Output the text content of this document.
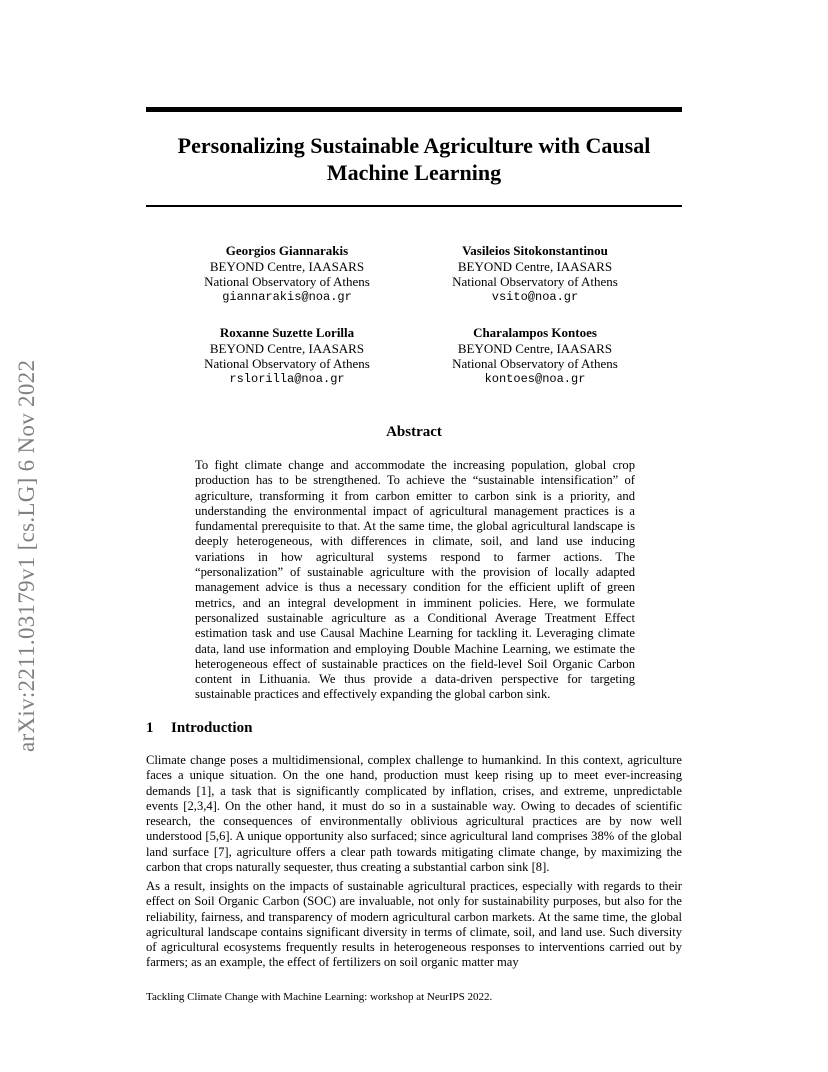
arXiv:2211.03179v1 [cs.LG] 6 Nov 2022
Personalizing Sustainable Agriculture with Causal Machine Learning
Georgios Giannarakis
BEYOND Centre, IAASARS
National Observatory of Athens
giannarakis@noa.gr
Vasileios Sitokonstantinou
BEYOND Centre, IAASARS
National Observatory of Athens
vsito@noa.gr
Roxanne Suzette Lorilla
BEYOND Centre, IAASARS
National Observatory of Athens
rslorilla@noa.gr
Charalampos Kontoes
BEYOND Centre, IAASARS
National Observatory of Athens
kontoes@noa.gr
Abstract
To fight climate change and accommodate the increasing population, global crop production has to be strengthened. To achieve the “sustainable intensification” of agriculture, transforming it from carbon emitter to carbon sink is a priority, and understanding the environmental impact of agricultural management practices is a fundamental prerequisite to that. At the same time, the global agricultural landscape is deeply heterogeneous, with differences in climate, soil, and land use inducing variations in how agricultural systems respond to farmer actions. The “personalization” of sustainable agriculture with the provision of locally adapted management advice is thus a necessary condition for the efficient uplift of green metrics, and an integral development in imminent policies. Here, we formulate personalized sustainable agriculture as a Conditional Average Treatment Effect estimation task and use Causal Machine Learning for tackling it. Leveraging climate data, land use information and employing Double Machine Learning, we estimate the heterogeneous effect of sustainable practices on the field-level Soil Organic Carbon content in Lithuania. We thus provide a data-driven perspective for targeting sustainable practices and effectively expanding the global carbon sink.
1 Introduction
Climate change poses a multidimensional, complex challenge to humankind. In this context, agriculture faces a unique situation. On the one hand, production must keep rising up to meet ever-increasing demands [1], a task that is significantly complicated by inflation, crises, and extreme, unpredictable events [2,3,4]. On the other hand, it must do so in a sustainable way. Owing to decades of scientific research, the consequences of environmentally oblivious agricultural practices are by now well understood [5,6]. A unique opportunity also surfaced; since agricultural land comprises 38% of the global land surface [7], agriculture offers a clear path towards mitigating climate change, by maximizing the carbon that crops naturally sequester, thus creating a substantial carbon sink [8].
As a result, insights on the impacts of sustainable agricultural practices, especially with regards to their effect on Soil Organic Carbon (SOC) are invaluable, not only for sustainability purposes, but also for the reliability, fairness, and transparency of modern agricultural carbon markets. At the same time, the global agricultural landscape contains significant diversity in terms of climate, soil, and land use. Such diversity of agricultural ecosystems frequently results in heterogeneous responses to interventions carried out by farmers; as an example, the effect of fertilizers on soil organic matter may
Tackling Climate Change with Machine Learning: workshop at NeurIPS 2022.
